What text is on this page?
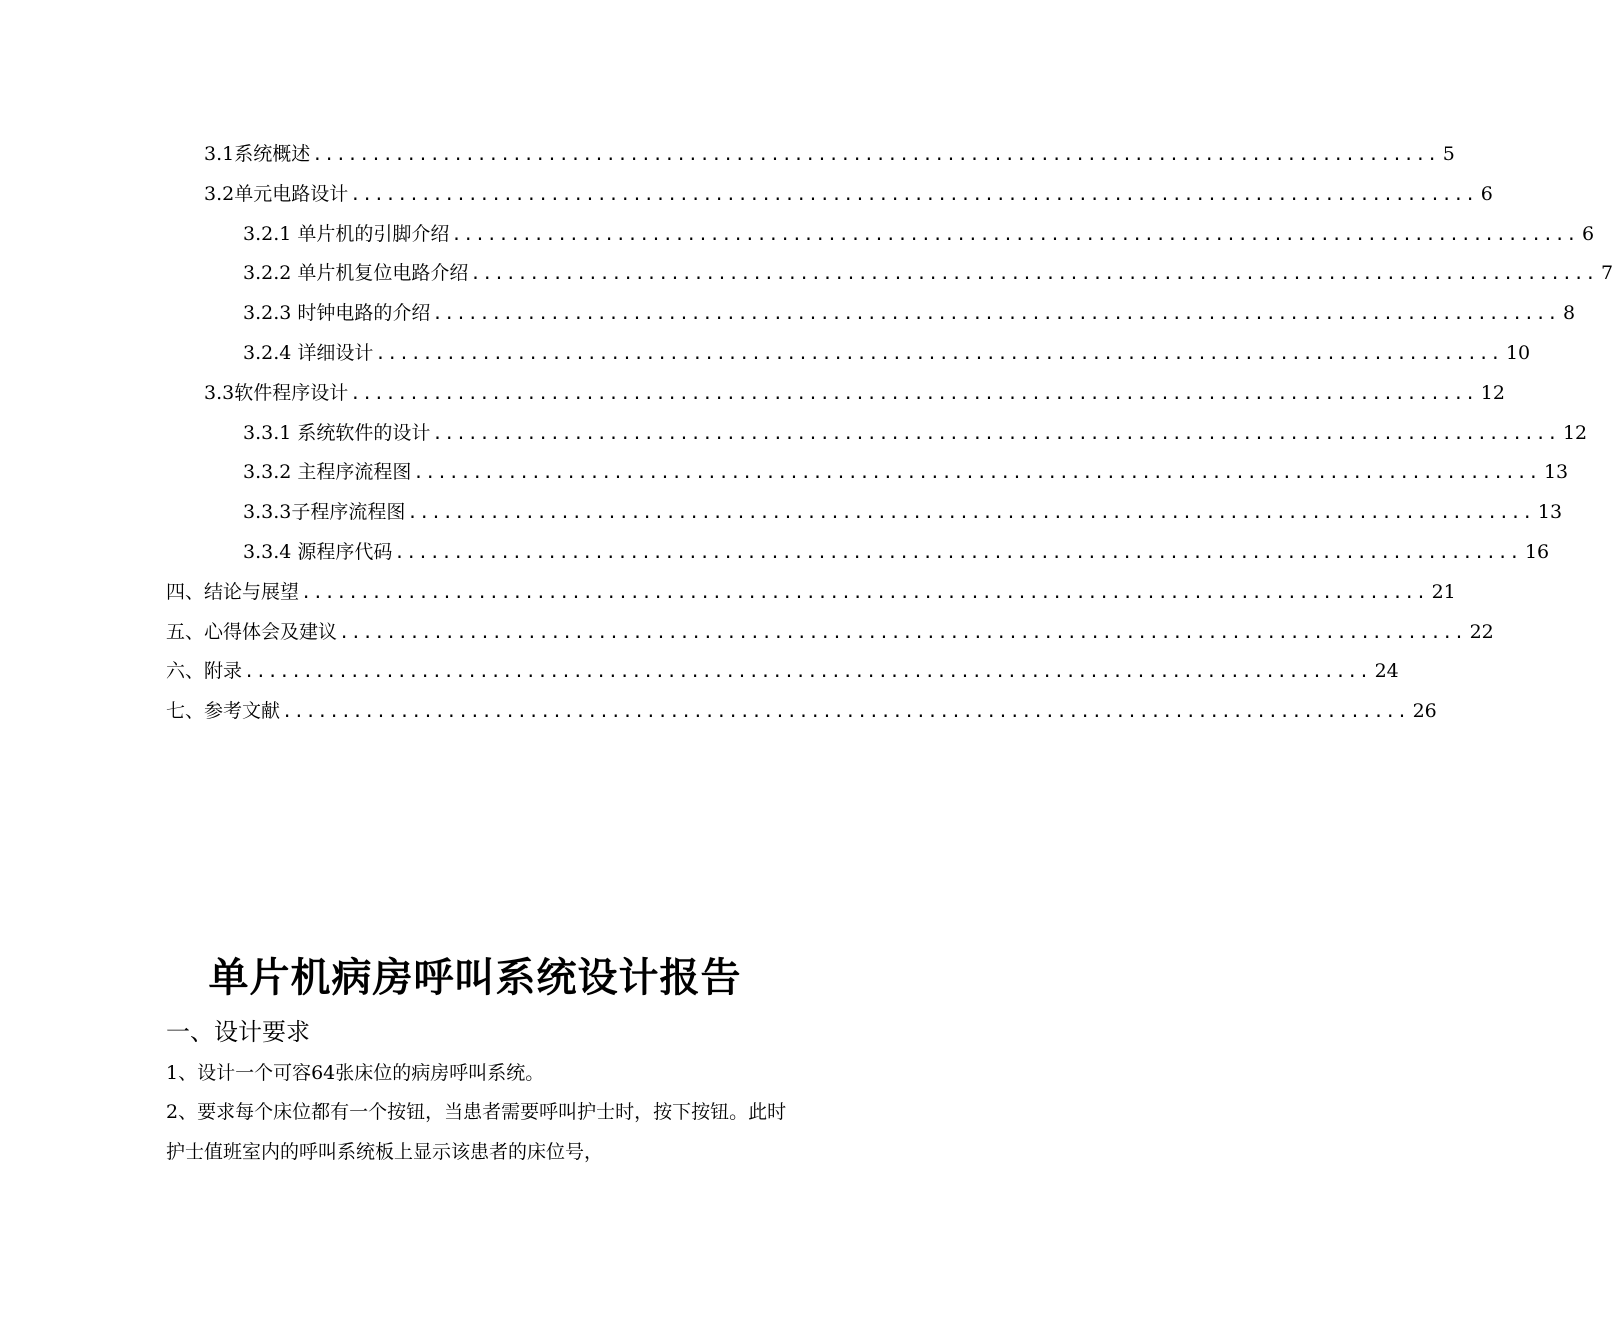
3.1系统概述 ................................................................................................ 5
3.2单元电路设计 ................................................................................................ 6
3.2.1 单片机的引脚介绍 ................................................................................................ 6
3.2.2 单片机复位电路介绍 ................................................................................................ 7
3.2.3 时钟电路的介绍 ................................................................................................ 8
3.2.4 详细设计 ................................................................................................ 10
3.3软件程序设计 ................................................................................................ 12
3.3.1 系统软件的设计 ................................................................................................ 12
3.3.2 主程序流程图 ................................................................................................ 13
3.3.3子程序流程图 ................................................................................................ 13
3.3.4 源程序代码 ................................................................................................ 16
四、结论与展望 ................................................................................................ 21
五、心得体会及建议 ................................................................................................ 22
六、附录 ................................................................................................ 24
七、参考文献 ................................................................................................ 26
单片机病房呼叫系统设计报告
一、设计要求

1、设计一个可容64张床位的病房呼叫系统。

2、要求每个床位都有一个按钮，当患者需要呼叫护士时，按下按钮。此时护士值班室内的呼叫系统板上显示该患者的床位号，
